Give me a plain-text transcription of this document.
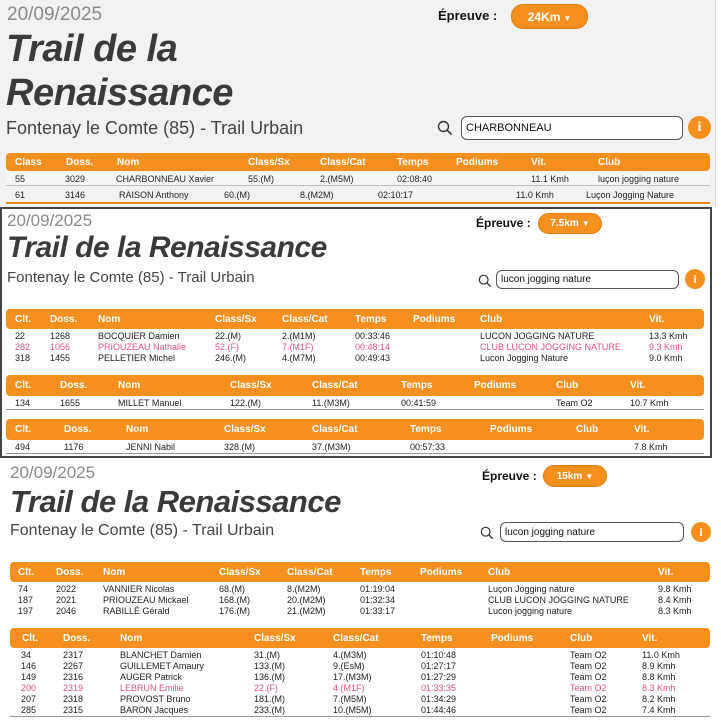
20/09/2025
Trail de la
Renaissance
Fontenay le Comte (85) - Trail Urbain
Épreuve :	24Km ▼
CHARBONNEAU
i
Class Doss. Nom	Class/Sx	Class/Cat	Temps	Podiums	Vit.	Club
55	3029	CHARBONNEAU Xavier	55.(M)	2.(M5M)	02:08:40	11.1 Kmh	luçon jogging nature
61	3146	RAISON Anthony	60.(M)	8.(M2M)	02:10:17	11.0 Kmh	Luçon Jogging Nature
20/09/2025
Trail de la Renaissance
Fontenay le Comte (85) - Trail Urbain
Épreuve :	7.5km ▼
lucon jogging nature
i
Clt. Doss. Nom	Class/Sx	Class/Cat	Temps	Podiums Club	Vit.
22	1268	BOCQUIER Damien	22.(M)	2.(M1M)	00:33:46	LUCON JOGGING NATURE	13.3 Kmh
282 1056	PRIOUZEAU Nathalie	52.(F)	7.(M1F)	00:48:14	CLUB LUCON JOGGING NATURE	9.3 Kmh
318 1455	PELLETIER Michel	246.(M)	4.(M7M)	00:49:43	Lucon Jogging Nature	9.0 Kmh
Clt.	Doss.	Nom	Class/Sx	Class/Cat	Temps	Podiums	Club	Vit.
134	1655	MILLET Manuel	122.(M)	11.(M3M)	00:41:59	Team O2	10.7 Kmh
Clt.	Doss.	Nom	Class/Sx	Class/Cat	Temps	Podiums	Club	Vit.
494	1176	JENNI Nabil	328.(M)	37.(M3M)	00:57:33	7.8 Kmh
20/09/2025
Trail de la Renaissance
Fontenay le Comte (85) - Trail Urbain
Épreuve :	15km ▼
lucon jogging nature
i
Clt. Doss. Nom	Class/Sx	Class/Cat	Temps	Podiums	Club	Vit.
74	2022	VANNIER Nicolas	68.(M)	8.(M2M)	01:19:04	Luçon Jogging nature	9.8 Kmh
187	2021	PRIOUZEAU Mickael	168.(M)	20.(M2M)	01:32:34	CLUB LUCON JOGGING NATURE	8.4 Kmh
197	2046	RABILLÉ Gérald	176.(M)	21.(M2M)	01:33:17	Lucon jogging nature	8.3 Kmh
Clt. Doss.	Nom	Class/Sx	Class/Cat	Temps	Podiums	Club	Vit.
34	2317	BLANCHET Damien	31.(M)	4.(M3M)	01:10:48	Team O2	11.0 Kmh
146	2267	GUILLEMET Amaury	133.(M)	9.(EsM)	01:27:17	Team O2	8.9 Kmh
149	2316	AUGER Patrick	136.(M)	17.(M3M)	01:27:29	Team O2	8.8 Kmh
200	2319	LEBRUN Emilie	22.(F)	4.(M1F)	01:33:35	Team O2	8.3 Kmh
207	2318	PROVOST Bruno	181.(M)	7.(M5M)	01:34:29	Team O2	8.2 Kmh
285	2315	BARON Jacques	233.(M)	10.(M5M)	01:44:46	Team O2	7.4 Kmh
